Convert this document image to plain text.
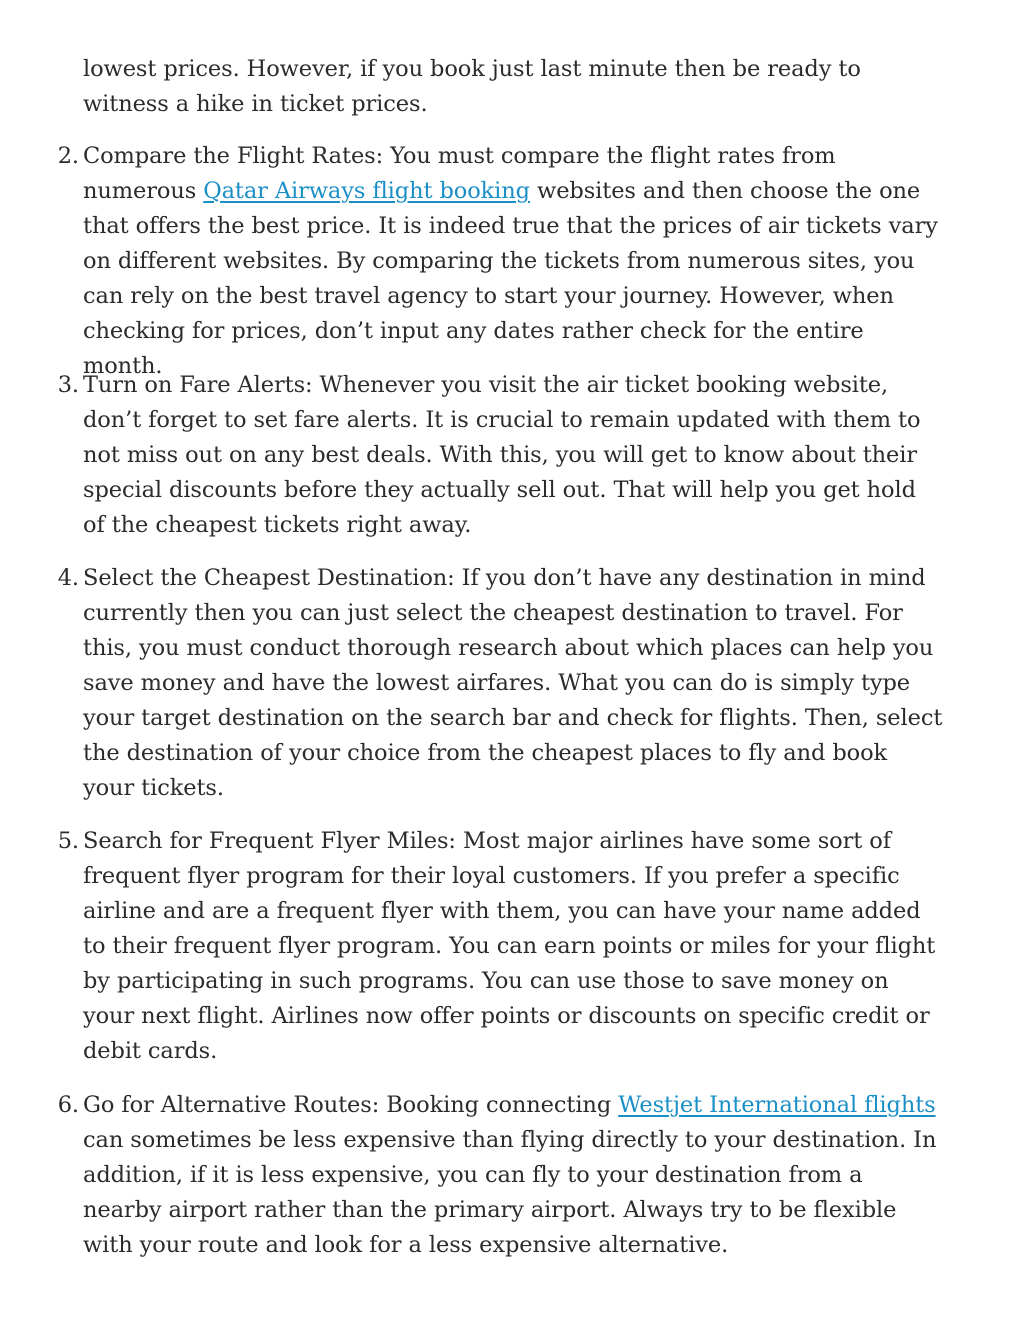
lowest prices. However, if you book just last minute then be ready to witness a hike in ticket prices.

2. Compare the Flight Rates: You must compare the flight rates from numerous Qatar Airways flight booking websites and then choose the one that offers the best price. It is indeed true that the prices of air tickets vary on different websites. By comparing the tickets from numerous sites, you can rely on the best travel agency to start your journey. However, when checking for prices, don’t input any dates rather check for the entire month.
3. Turn on Fare Alerts: Whenever you visit the air ticket booking website, don’t forget to set fare alerts. It is crucial to remain updated with them to not miss out on any best deals. With this, you will get to know about their special discounts before they actually sell out. That will help you get hold of the cheapest tickets right away.
4. Select the Cheapest Destination: If you don’t have any destination in mind currently then you can just select the cheapest destination to travel. For this, you must conduct thorough research about which places can help you save money and have the lowest airfares. What you can do is simply type your target destination on the search bar and check for flights. Then, select the destination of your choice from the cheapest places to fly and book your tickets.
5. Search for Frequent Flyer Miles: Most major airlines have some sort of frequent flyer program for their loyal customers. If you prefer a specific airline and are a frequent flyer with them, you can have your name added to their frequent flyer program. You can earn points or miles for your flight by participating in such programs. You can use those to save money on your next flight. Airlines now offer points or discounts on specific credit or debit cards.
6. Go for Alternative Routes: Booking connecting Westjet International flights can sometimes be less expensive than flying directly to your destination. In addition, if it is less expensive, you can fly to your destination from a nearby airport rather than the primary airport. Always try to be flexible with your route and look for a less expensive alternative.
